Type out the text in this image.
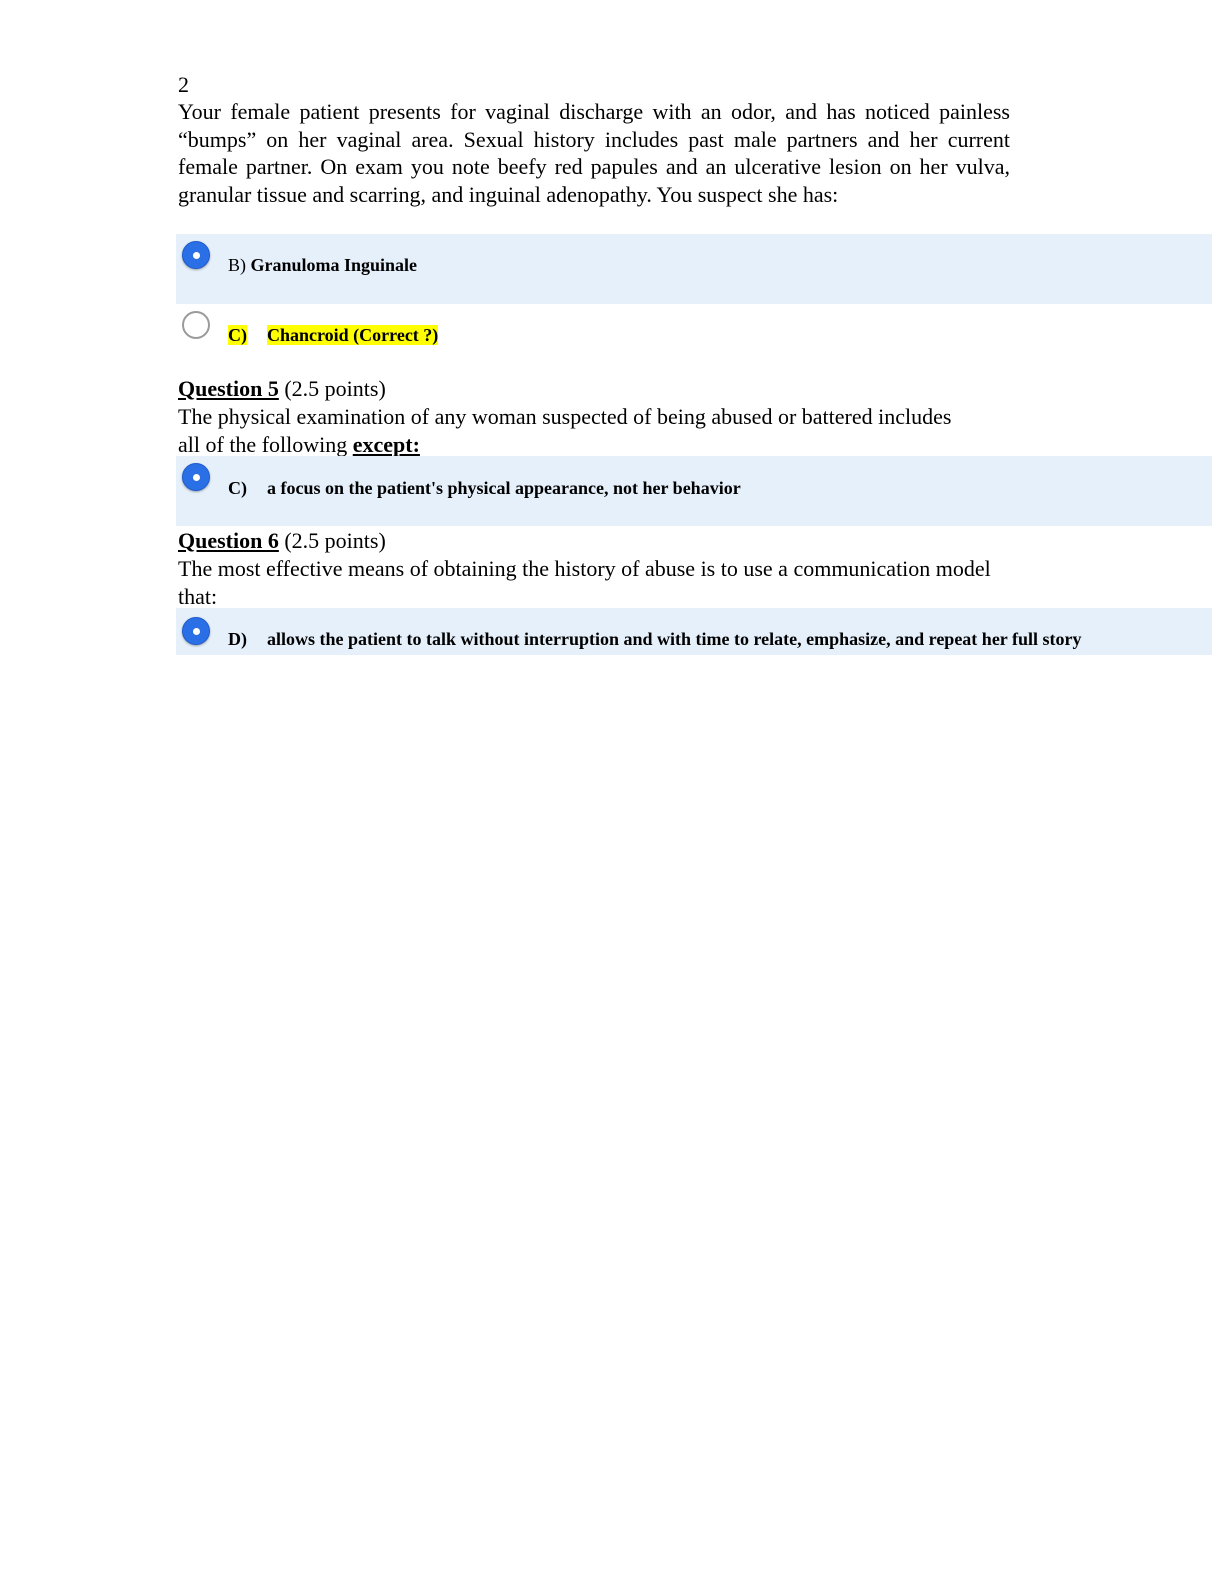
2

Your female patient presents for vaginal discharge with an odor, and has noticed painless “bumps” on her vaginal area. Sexual history includes past male partners and her current female partner. On exam you note beefy red papules and an ulcerative lesion on her vulva, granular tissue and scarring, and inguinal adenopathy. You suspect she has:

B) Granuloma Inguinale
C) Chancroid (Correct ?)
Question 5 (2.5 points)

The physical examination of any woman suspected of being abused or battered includes all of the following except:

C) a focus on the patient's physical appearance, not her behavior
Question 6 (2.5 points)

The most effective means of obtaining the history of abuse is to use a communication model that:

D) allows the patient to talk without interruption and with time to relate, emphasize, and repeat her full story
